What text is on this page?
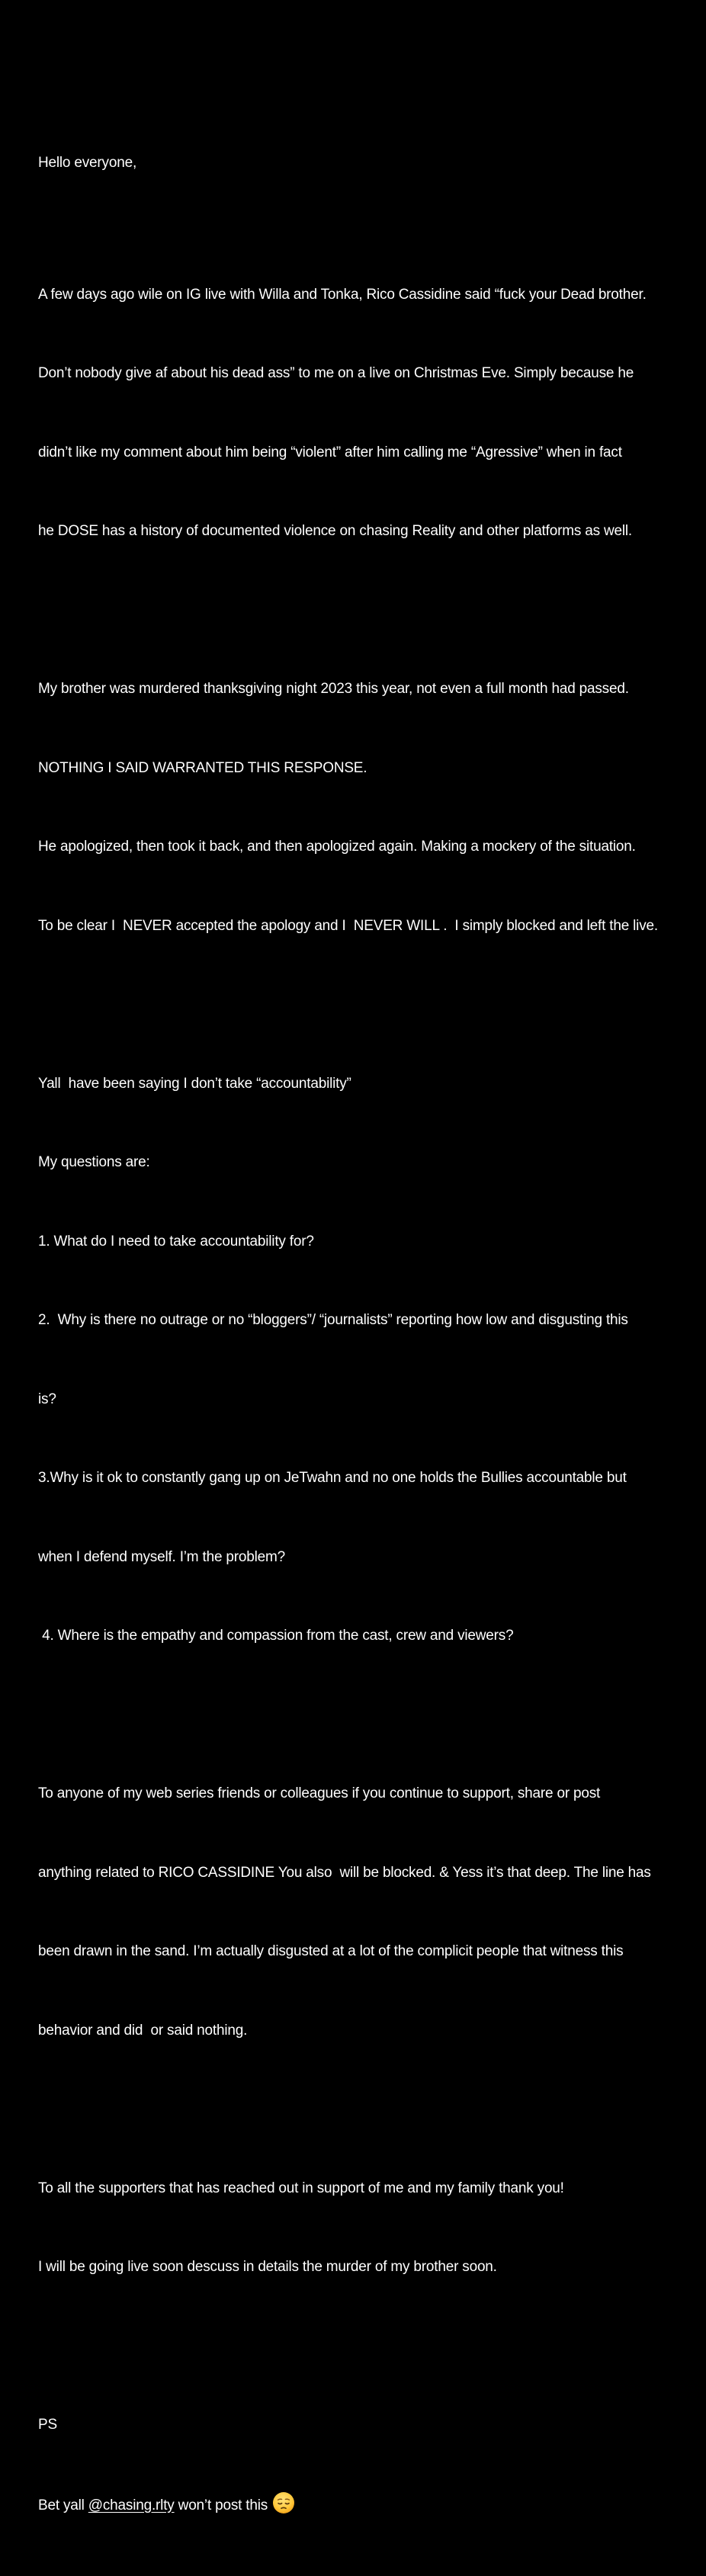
Hello everyone,

A few days ago wile on IG live with Willa and Tonka, Rico Cassidine said “fuck your Dead brother.

Don’t nobody give af about his dead ass” to me on a live on Christmas Eve. Simply because he

didn’t like my comment about him being “violent” after him calling me “Agressive” when in fact

he DOSE has a history of documented violence on chasing Reality and other platforms as well.

My brother was murdered thanksgiving night 2023 this year, not even a full month had passed.

NOTHING I SAID WARRANTED THIS RESPONSE.

He apologized, then took it back, and then apologized again. Making a mockery of the situation.

To be clear I  NEVER accepted the apology and I  NEVER WILL .  I simply blocked and left the live.

Yall  have been saying I don’t take “accountability”

My questions are:

1. What do I need to take accountability for?

2.  Why is there no outrage or no “bloggers”/ “journalists” reporting how low and disgusting this

is?

3.Why is it ok to constantly gang up on JeTwahn and no one holds the Bullies accountable but

when I defend myself. I’m the problem?

4. Where is the empathy and compassion from the cast, crew and viewers?

To anyone of my web series friends or colleagues if you continue to support, share or post

anything related to RICO CASSIDINE You also  will be blocked. & Yess it’s that deep. The line has

been drawn in the sand. I’m actually disgusted at a lot of the complicit people that witness this

behavior and did  or said nothing.

To all the supporters that has reached out in support of me and my family thank you!

I will be going live soon descuss in details the murder of my brother soon.

PS

Bet yall @chasing.rlty won’t post this
